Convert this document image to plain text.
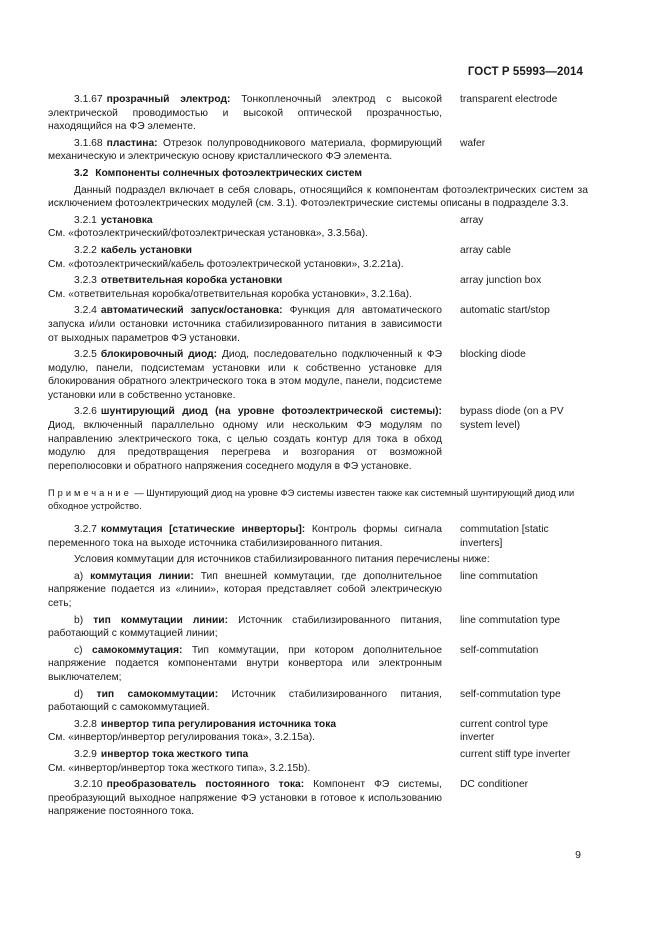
ГОСТ Р 55993—2014
3.1.67 прозрачный электрод: Тонкопленочный электрод с высокой электрической проводимостью и высокой оптической прозрачностью, находящийся на ФЭ элементе.
transparent electrode
3.1.68 пластина: Отрезок полупроводникового материала, формирующий механическую и электрическую основу кристаллического ФЭ элемента.
wafer
3.2 Компоненты солнечных фотоэлектрических систем
Данный подраздел включает в себя словарь, относящийся к компонентам фотоэлектрических систем за исключением фотоэлектрических модулей (см. 3.1). Фотоэлектрические системы описаны в подразделе 3.3.
3.2.1 установка
См. «фотоэлектрический/фотоэлектрическая установка», 3.3.56а).
array
3.2.2 кабель установки
См. «фотоэлектрический/кабель фотоэлектрической установки», 3.2.21а).
array cable
3.2.3 ответвительная коробка установки
См. «ответвительная коробка/ответвительная коробка установки», 3.2.16а).
array junction box
3.2.4 автоматический запуск/остановка: Функция для автоматического запуска и/или остановки источника стабилизированного питания в зависимости от выходных параметров ФЭ установки.
automatic start/stop
3.2.5 блокировочный диод: Диод, последовательно подключенный к ФЭ модулю, панели, подсистемам установки или к собственно установке для блокирования обратного электрического тока в этом модуле, панели, подсистеме установки или в собственно установке.
blocking diode
3.2.6 шунтирующий диод (на уровне фотоэлектрической системы): Диод, включенный параллельно одному или нескольким ФЭ модулям по направлению электрического тока, с целью создать контур для тока в обход модулю для предотвращения перегрева и возгорания от возможной переполюсовки и обратного напряжения соседнего модуля в ФЭ установке.
bypass diode (on a PV system level)
Примечание — Шунтирующий диод на уровне ФЭ системы известен также как системный шунтирующий диод или обходное устройство.
3.2.7 коммутация [статические инверторы]: Контроль формы сигнала переменного тока на выходе источника стабилизированного питания.
commutation [static inverters]
Условия коммутации для источников стабилизированного питания перечислены ниже:
a) коммутация линии: Тип внешней коммутации, где дополнительное напряжение подается из «линии», которая представляет собой электрическую сеть;
line commutation
b) тип коммутации линии: Источник стабилизированного питания, работающий с коммутацией линии;
line commutation type
c) самокоммутация: Тип коммутации, при котором дополнительное напряжение подается компонентами внутри конвертора или электронным выключателем;
self-commutation
d) тип самокоммутации: Источник стабилизированного питания, работающий с самокоммутацией.
self-commutation type
3.2.8 инвертор типа регулирования источника тока
См. «инвертор/инвертор регулирования тока», 3.2.15а).
current control type inverter
3.2.9 инвертор тока жесткого типа
См. «инвертор/инвертор тока жесткого типа», 3.2.15b).
current stiff type inverter
3.2.10 преобразователь постоянного тока: Компонент ФЭ системы, преобразующий выходное напряжение ФЭ установки в готовое к использованию напряжение постоянного тока.
DC conditioner
9
